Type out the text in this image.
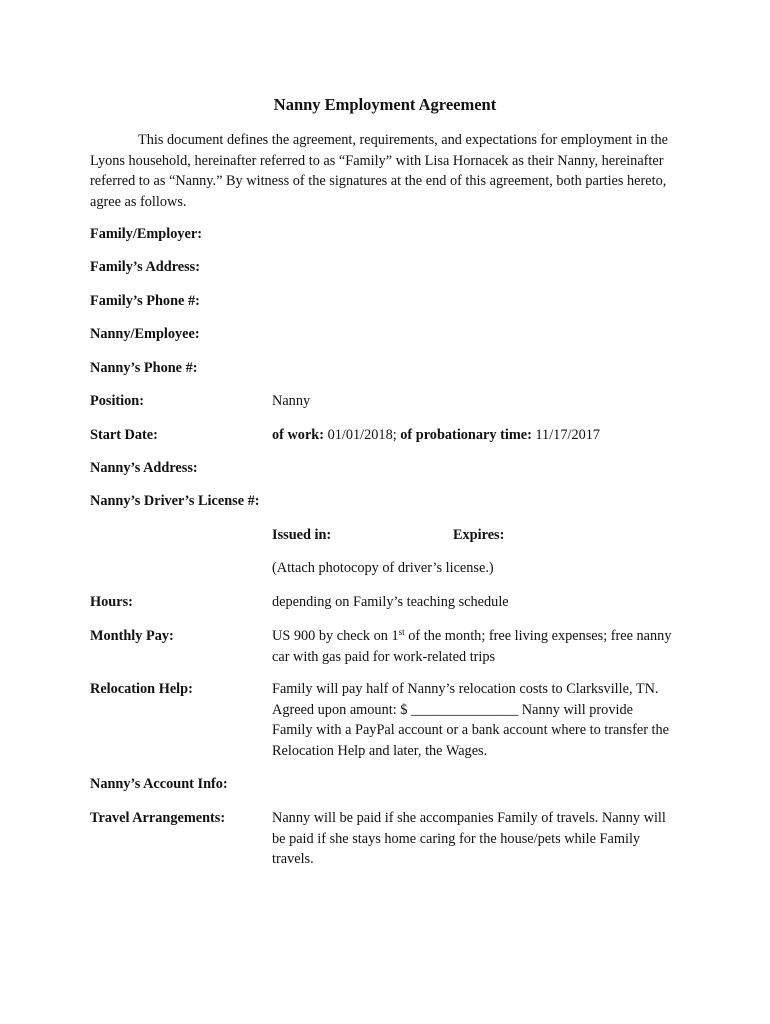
Nanny Employment Agreement

This document defines the agreement, requirements, and expectations for employment in the Lyons household, hereinafter referred to as “Family” with Lisa Hornacek as their Nanny, hereinafter referred to as “Nanny.” By witness of the signatures at the end of this agreement, both parties hereto, agree as follows.

Family/Employer:
Family’s Address:
Family’s Phone #:
Nanny/Employee:
Nanny’s Phone #:
Position:	Nanny
Start Date:	of work: 01/01/2018; of probationary time: 11/17/2017
Nanny’s Address:
Nanny’s Driver’s License #:
Issued in:	Expires:
(Attach photocopy of driver’s license.)
Hours:	depending on Family’s teaching schedule
Monthly Pay:	US 900 by check on 1st of the month; free living expenses; free nanny car with gas paid for work-related trips
Relocation Help:	Family will pay half of Nanny’s relocation costs to Clarksville, TN. Agreed upon amount: $ _______________ Nanny will provide Family with a PayPal account or a bank account where to transfer the Relocation Help and later, the Wages.
Nanny’s Account Info:
Travel Arrangements:	Nanny will be paid if she accompanies Family of travels. Nanny will be paid if she stays home caring for the house/pets while Family travels.
